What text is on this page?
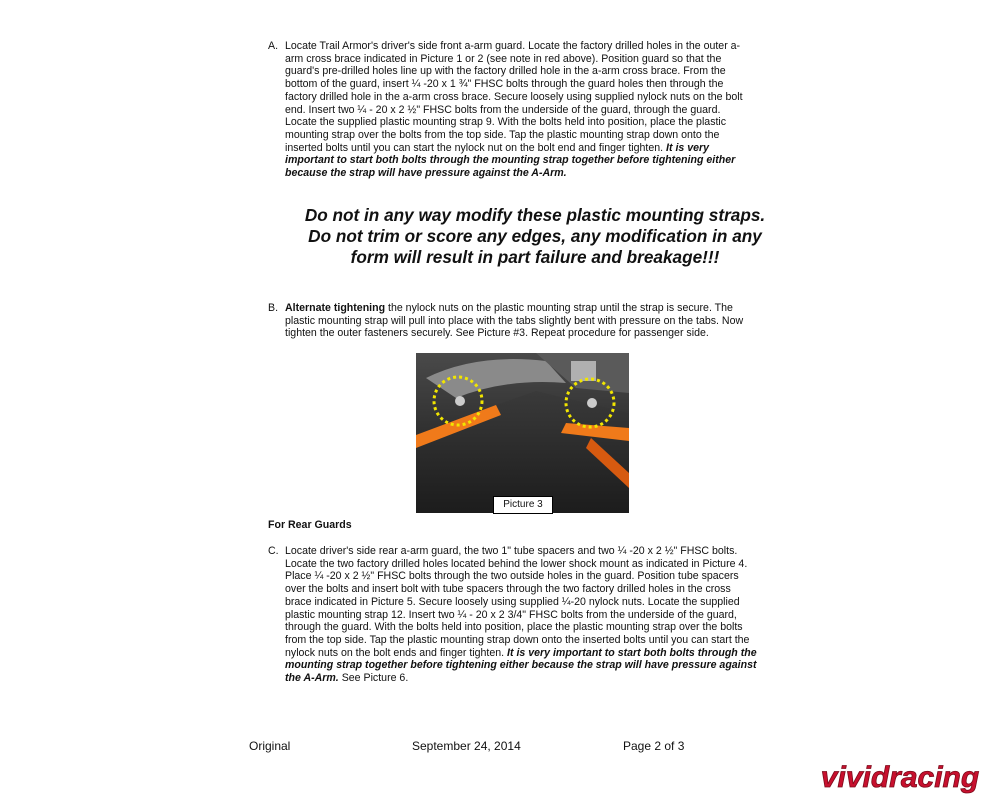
A. Locate Trail Armor's driver's side front a-arm guard. Locate the factory drilled holes in the outer a-arm cross brace indicated in Picture 1 or 2 (see note in red above). Position guard so that the guard's pre-drilled holes line up with the factory drilled hole in the a-arm cross brace. From the bottom of the guard, insert ¼ -20 x 1 ¾" FHSC bolts through the guard holes then through the factory drilled hole in the a-arm cross brace. Secure loosely using supplied nylock nuts on the bolt end. Insert two ¼ - 20 x 2 ½" FHSC bolts from the underside of the guard, through the guard. Locate the supplied plastic mounting strap 9. With the bolts held into position, place the plastic mounting strap over the bolts from the top side. Tap the plastic mounting strap down onto the inserted bolts until you can start the nylock nut on the bolt end and finger tighten. It is very important to start both bolts through the mounting strap together before tightening either because the strap will have pressure against the A-Arm.
Do not in any way modify these plastic mounting straps. Do not trim or score any edges, any modification in any form will result in part failure and breakage!!!
B. Alternate tightening the nylock nuts on the plastic mounting strap until the strap is secure. The plastic mounting strap will pull into place with the tabs slightly bent with pressure on the tabs. Now tighten the outer fasteners securely. See Picture #3. Repeat procedure for passenger side.
Picture 3
For Rear Guards
C. Locate driver's side rear a-arm guard, the two 1" tube spacers and two ¼ -20 x 2 ½" FHSC bolts. Locate the two factory drilled holes located behind the lower shock mount as indicated in Picture 4. Place ¼ -20 x 2 ½" FHSC bolts through the two outside holes in the guard. Position tube spacers over the bolts and insert bolt with tube spacers through the two factory drilled holes in the cross brace indicated in Picture 5. Secure loosely using supplied ¼-20 nylock nuts. Locate the supplied plastic mounting strap 12. Insert two ¼ - 20 x 2 3/4" FHSC bolts from the underside of the guard, through the guard. With the bolts held into position, place the plastic mounting strap over the bolts from the top side. Tap the plastic mounting strap down onto the inserted bolts until you can start the nylock nuts on the bolt ends and finger tighten. It is very important to start both bolts through the mounting strap together before tightening either because the strap will have pressure against the A-Arm. See Picture 6.
Original	September 24, 2014	Page 2 of 3
vividracing
